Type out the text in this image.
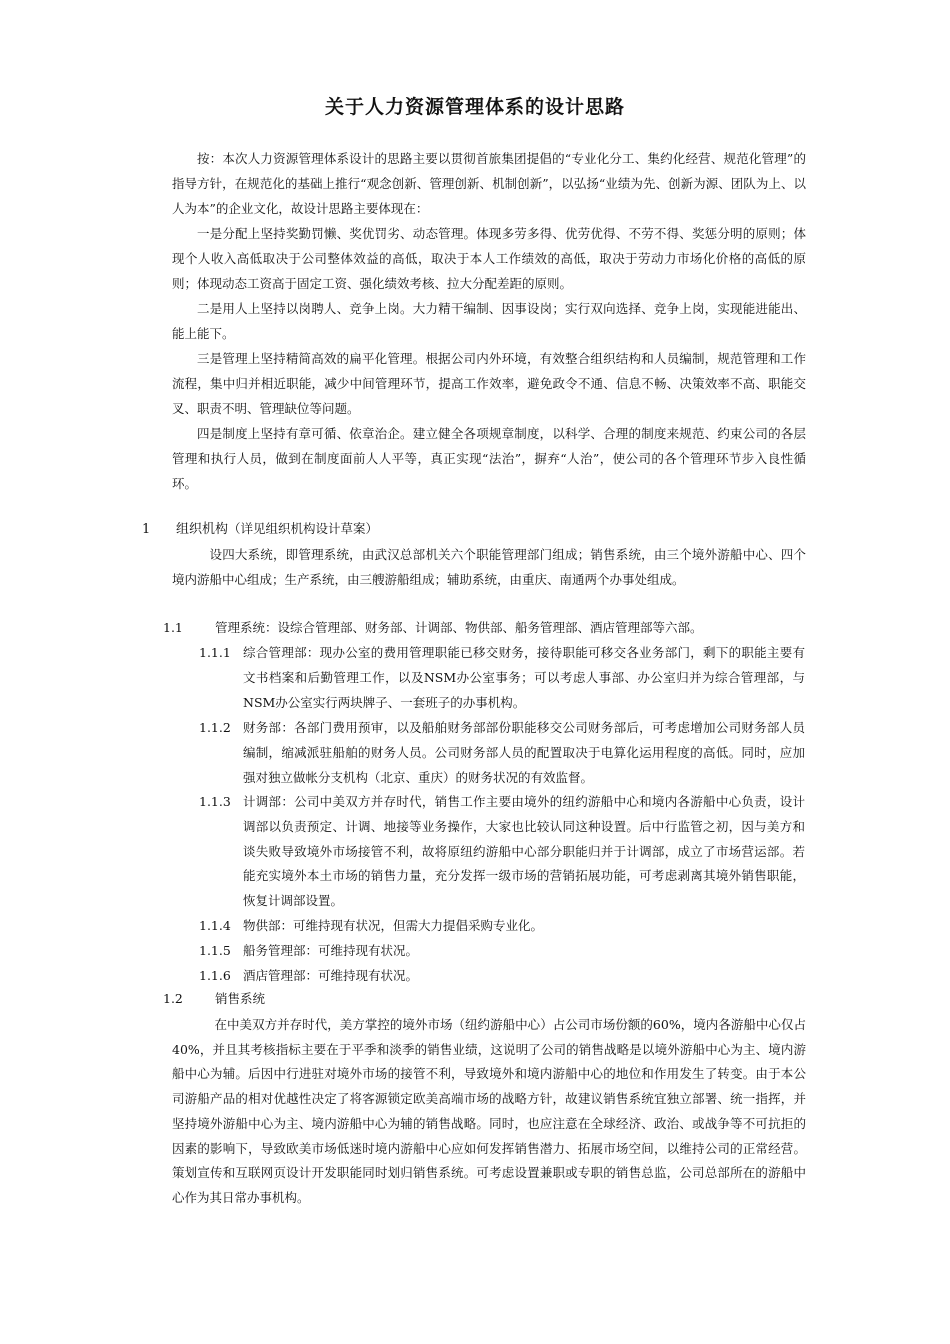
关于人力资源管理体系的设计思路

按：本次人力资源管理体系设计的思路主要以贯彻首旅集团提倡的“专业化分工、集约化经营、规范化管理”的指导方针，在规范化的基础上推行“观念创新、管理创新、机制创新”，以弘扬“业绩为先、创新为源、团队为上、以人为本”的企业文化，故设计思路主要体现在：

一是分配上坚持奖勤罚懒、奖优罚劣、动态管理。体现多劳多得、优劳优得、不劳不得、奖惩分明的原则；体现个人收入高低取决于公司整体效益的高低，取决于本人工作绩效的高低，取决于劳动力市场化价格的高低的原则；体现动态工资高于固定工资、强化绩效考核、拉大分配差距的原则。

二是用人上坚持以岗聘人、竞争上岗。大力精干编制、因事设岗；实行双向选择、竞争上岗，实现能进能出、能上能下。

三是管理上坚持精简高效的扁平化管理。根据公司内外环境，有效整合组织结构和人员编制，规范管理和工作流程，集中归并相近职能，减少中间管理环节，提高工作效率，避免政令不通、信息不畅、决策效率不高、职能交叉、职责不明、管理缺位等问题。

四是制度上坚持有章可循、依章治企。建立健全各项规章制度，以科学、合理的制度来规范、约束公司的各层管理和执行人员，做到在制度面前人人平等，真正实现“法治”，摒弃“人治”，使公司的各个管理环节步入良性循环。

1 组织机构（详见组织机构设计草案）

设四大系统，即管理系统，由武汉总部机关六个职能管理部门组成；销售系统，由三个境外游船中心、四个境内游船中心组成；生产系统，由三艘游船组成；辅助系统，由重庆、南通两个办事处组成。

1.1	管理系统：设综合管理部、财务部、计调部、物供部、船务管理部、酒店管理部等六部。
1.1.1 综合管理部：现办公室的费用管理职能已移交财务，接待职能可移交各业务部门，剩下的职能主要有文书档案和后勤管理工作，以及NSM办公室事务；可以考虑人事部、办公室归并为综合管理部，与NSM办公室实行两块牌子、一套班子的办事机构。
1.1.2 财务部：各部门费用预审，以及船舶财务部部份职能移交公司财务部后，可考虑增加公司财务部人员编制，缩减派驻船舶的财务人员。公司财务部人员的配置取决于电算化运用程度的高低。同时，应加强对独立做帐分支机构（北京、重庆）的财务状况的有效监督。
1.1.3 计调部：公司中美双方并存时代，销售工作主要由境外的纽约游船中心和境内各游船中心负责，设计调部以负责预定、计调、地接等业务操作，大家也比较认同这种设置。后中行监管之初，因与美方和谈失败导致境外市场接管不利，故将原纽约游船中心部分职能归并于计调部，成立了市场营运部。若能充实境外本土市场的销售力量，充分发挥一级市场的营销拓展功能，可考虑剥离其境外销售职能，恢复计调部设置。
1.1.4 物供部：可维持现有状况，但需大力提倡采购专业化。
1.1.5 船务管理部：可维持现有状况。
1.1.6 酒店管理部：可维持现有状况。
1.2	销售系统

在中美双方并存时代，美方掌控的境外市场（纽约游船中心）占公司市场份额的60%，境内各游船中心仅占40%，并且其考核指标主要在于平季和淡季的销售业绩，这说明了公司的销售战略是以境外游船中心为主、境内游船中心为辅。后因中行进驻对境外市场的接管不利，导致境外和境内游船中心的地位和作用发生了转变。由于本公司游船产品的相对优越性决定了将客源锁定欧美高端市场的战略方针，故建议销售系统宜独立部署、统一指挥，并坚持境外游船中心为主、境内游船中心为辅的销售战略。同时，也应注意在全球经济、政治、或战争等不可抗拒的因素的影响下，导致欧美市场低迷时境内游船中心应如何发挥销售潜力、拓展市场空间，以维持公司的正常经营。策划宣传和互联网页设计开发职能同时划归销售系统。可考虑设置兼职或专职的销售总监，公司总部所在的游船中心作为其日常办事机构。
